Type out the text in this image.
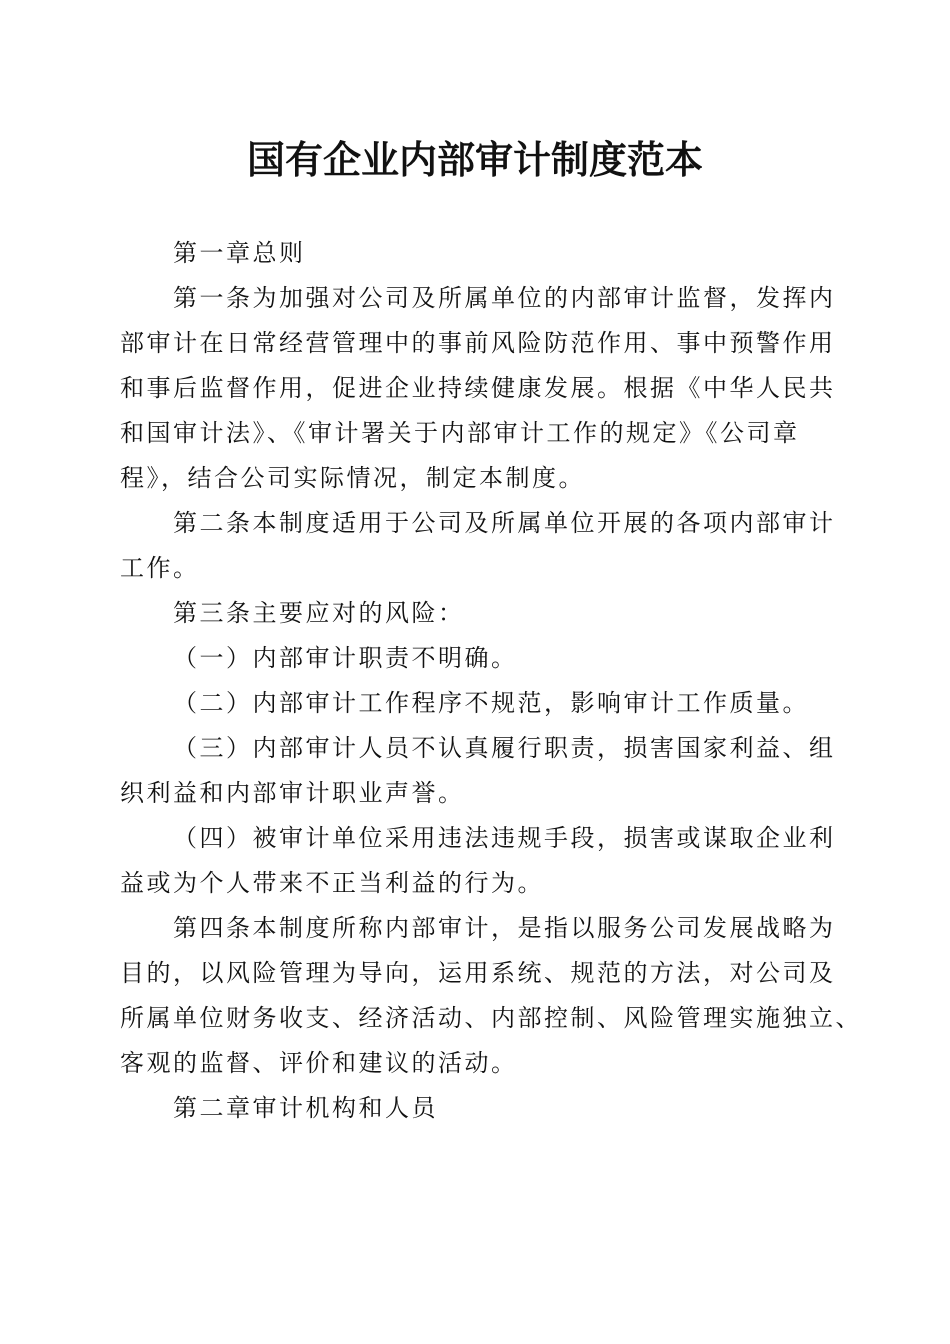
国有企业内部审计制度范本

第一章总则

第一条为加强对公司及所属单位的内部审计监督，发挥内
部审计在日常经营管理中的事前风险防范作用、事中预警作用
和事后监督作用，促进企业持续健康发展。根据《中华人民共
和国审计法》、《审计署关于内部审计工作的规定》《公司章
程》，结合公司实际情况，制定本制度。

第二条本制度适用于公司及所属单位开展的各项内部审计
工作。

第三条主要应对的风险：

（一）内部审计职责不明确。

（二）内部审计工作程序不规范，影响审计工作质量。

（三）内部审计人员不认真履行职责，损害国家利益、组
织利益和内部审计职业声誉。

（四）被审计单位采用违法违规手段，损害或谋取企业利
益或为个人带来不正当利益的行为。

第四条本制度所称内部审计，是指以服务公司发展战略为
目的，以风险管理为导向，运用系统、规范的方法，对公司及
所属单位财务收支、经济活动、内部控制、风险管理实施独立、
客观的监督、评价和建议的活动。

第二章审计机构和人员
